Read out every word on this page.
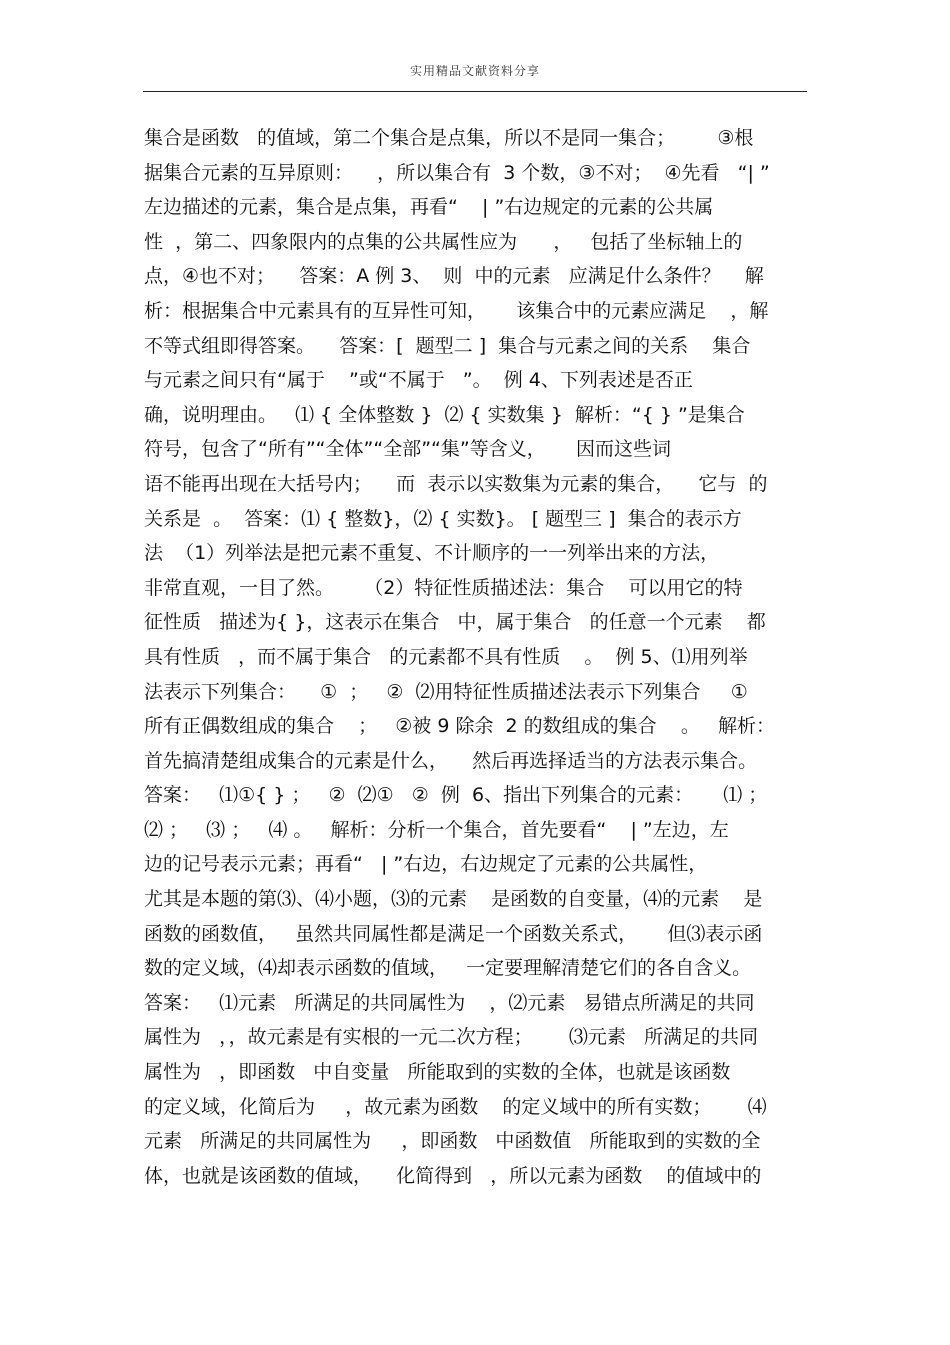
实用精品文献资料分享
集合是函数   的值域，第二个集合是点集，所以不是同一集合；       ③根
据集合元素的互异原则：    ，所以集合有  3 个数，③不对；  ④先看   “| ”
左边描述的元素，集合是点集，再看“    | ”右边规定的元素的公共属
性  ，第二、四象限内的点集的公共属性应为      ，   包括了坐标轴上的
点，④也不对；    答案：A 例 3、  则  中的元素   应满足什么条件？    解
析：根据集合中元素具有的互异性可知，     该集合中的元素应满足    ，解
不等式组即得答案。    答案：[  题型二 ]  集合与元素之间的关系    集合
与元素之间只有“属于    ”或“不属于   ”。  例 4、下列表述是否正
确，说明理由。   ⑴ { 全体整数 }  ⑵ { 实数集 }  解析：“{ } ”是集合
符号，包含了“所有”“全体”“全部”“集”等含义，     因而这些词
语不能再出现在大括号内；    而  表示以实数集为元素的集合，    它与  的
关系是  。  答案：⑴ { 整数}，⑵ { 实数}。 [ 题型三 ]  集合的表示方
法  （1）列举法是把元素不重复、不计顺序的一一列举出来的方法，
非常直观，一目了然。     （2）特征性质描述法：集合    可以用它的特
征性质   描述为{ }，这表示在集合   中，属于集合   的任意一个元素    都
具有性质   ，而不属于集合   的元素都不具有性质    。  例 5、⑴用列举
法表示下列集合：    ①  ；   ②  ⑵用特征性质描述法表示下列集合     ①
所有正偶数组成的集合    ；   ②被 9 除余  2 的数组成的集合    。   解析：
首先搞清楚组成集合的元素是什么，    然后再选择适当的方法表示集合。
答案：   ⑴①{ } ；   ②  ⑵①   ②  例  6、指出下列集合的元素：     ⑴ ；
⑵ ；   ⑶ ；   ⑷ 。   解析：分析一个集合，首先要看“    | ”左边，左
边的记号表示元素；再看“   | ”右边，右边规定了元素的公共属性，
尤其是本题的第⑶、⑷小题，⑶的元素    是函数的自变量，⑷的元素    是
函数的函数值，   虽然共同属性都是满足一个函数关系式，     但⑶表示函
数的定义域，⑷却表示函数的值域，   一定要理解清楚它们的各自含义。
答案：   ⑴元素   所满足的共同属性为    ，⑵元素   易错点所满足的共同
属性为   ，，故元素是有实根的一元二次方程；      ⑶元素   所满足的共同
属性为   ，即函数   中自变量   所能取到的实数的全体，也就是该函数
的定义域，化简后为     ，故元素为函数    的定义域中的所有实数；      ⑷
元素   所满足的共同属性为     ，即函数   中函数值   所能取到的实数的全
体，也就是该函数的值域，    化简得到   ，所以元素为函数    的值域中的
